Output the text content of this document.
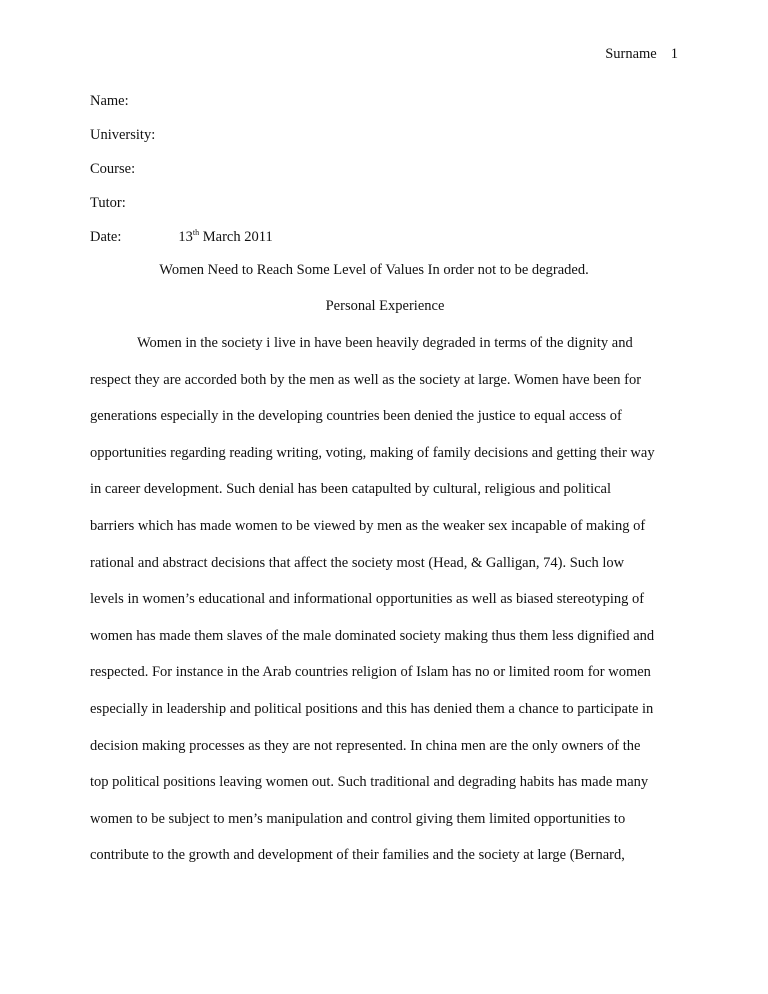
Surname 1
Name:
University:
Course:
Tutor:
Date:	13th March 2011
Women Need to Reach Some Level of Values In order not to be degraded.
Personal Experience
Women in the society i live in have been heavily degraded in terms of the dignity and
respect they are accorded both by the men as well as the society at large. Women have been for
generations especially in the developing countries been denied the justice to equal access of
opportunities regarding reading writing, voting, making of family decisions and getting their way
in career development. Such denial has been catapulted by cultural, religious and political
barriers which has made women to be viewed by men as the weaker sex incapable of making of
rational and abstract decisions that affect the society most (Head, & Galligan, 74). Such low
levels in women’s educational and informational opportunities as well as biased stereotyping of
women has made them slaves of the male dominated society making thus them less dignified and
respected. For instance in the Arab countries religion of Islam has no or limited room for women
especially in leadership and political positions and this has denied them a chance to participate in
decision making processes as they are not represented. In china men are the only owners of the
top political positions leaving women out. Such traditional and degrading habits has made many
women to be subject to men’s manipulation and control giving them limited opportunities to
contribute to the growth and development of their families and the society at large (Bernard,
